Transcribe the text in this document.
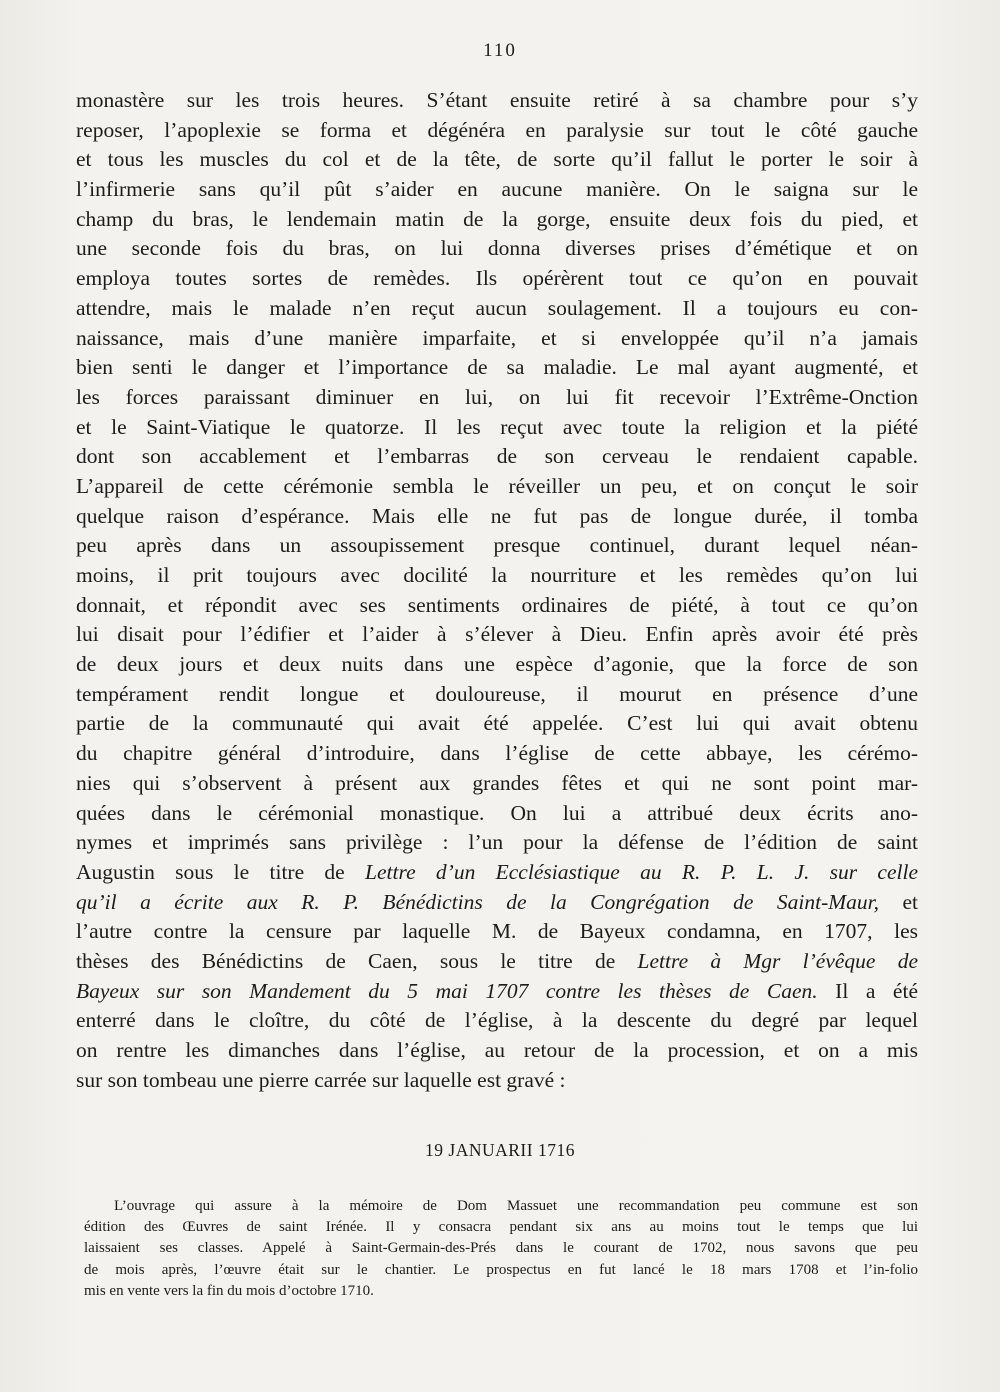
110
monastère sur les trois heures. S’étant ensuite retiré à sa chambre pour s’y
reposer, l’apoplexie se forma et dégénéra en paralysie sur tout le côté gauche
et tous les muscles du col et de la tête, de sorte qu’il fallut le porter le soir à
l’infirmerie sans qu’il pût s’aider en aucune manière. On le saigna sur le
champ du bras, le lendemain matin de la gorge, ensuite deux fois du pied, et
une seconde fois du bras, on lui donna diverses prises d’émétique et on
employa toutes sortes de remèdes. Ils opérèrent tout ce qu’on en pouvait
attendre, mais le malade n’en reçut aucun soulagement. Il a toujours eu con-
naissance, mais d’une manière imparfaite, et si enveloppée qu’il n’a jamais
bien senti le danger et l’importance de sa maladie. Le mal ayant augmenté, et
les forces paraissant diminuer en lui, on lui fit recevoir l’Extrême-Onction
et le Saint-Viatique le quatorze. Il les reçut avec toute la religion et la piété
dont son accablement et l’embarras de son cerveau le rendaient capable.
L’appareil de cette cérémonie sembla le réveiller un peu, et on conçut le soir
quelque raison d’espérance. Mais elle ne fut pas de longue durée, il tomba
peu après dans un assoupissement presque continuel, durant lequel néan-
moins, il prit toujours avec docilité la nourriture et les remèdes qu’on lui
donnait, et répondit avec ses sentiments ordinaires de piété, à tout ce qu’on
lui disait pour l’édifier et l’aider à s’élever à Dieu. Enfin après avoir été près
de deux jours et deux nuits dans une espèce d’agonie, que la force de son
tempérament rendit longue et douloureuse, il mourut en présence d’une
partie de la communauté qui avait été appelée. C’est lui qui avait obtenu
du chapitre général d’introduire, dans l’église de cette abbaye, les cérémo-
nies qui s’observent à présent aux grandes fêtes et qui ne sont point mar-
quées dans le cérémonial monastique. On lui a attribué deux écrits ano-
nymes et imprimés sans privilège : l’un pour la défense de l’édition de saint
Augustin sous le titre de Lettre d’un Ecclésiastique au R. P. L. J. sur celle
qu’il a écrite aux R. P. Bénédictins de la Congrégation de Saint-Maur, et
l’autre contre la censure par laquelle M. de Bayeux condamna, en 1707, les
thèses des Bénédictins de Caen, sous le titre de Lettre à Mgr l’évêque de
Bayeux sur son Mandement du 5 mai 1707 contre les thèses de Caen. Il a été
enterré dans le cloître, du côté de l’église, à la descente du degré par lequel
on rentre les dimanches dans l’église, au retour de la procession, et on a mis
sur son tombeau une pierre carrée sur laquelle est gravé :
19 JANUARII 1716
L’ouvrage qui assure à la mémoire de Dom Massuet une recommandation peu commune est son
édition des Œuvres de saint Irénée. Il y consacra pendant six ans au moins tout le temps que lui
laissaient ses classes. Appelé à Saint-Germain-des-Prés dans le courant de 1702, nous savons que peu
de mois après, l’œuvre était sur le chantier. Le prospectus en fut lancé le 18 mars 1708 et l’in-folio
mis en vente vers la fin du mois d’octobre 1710.
